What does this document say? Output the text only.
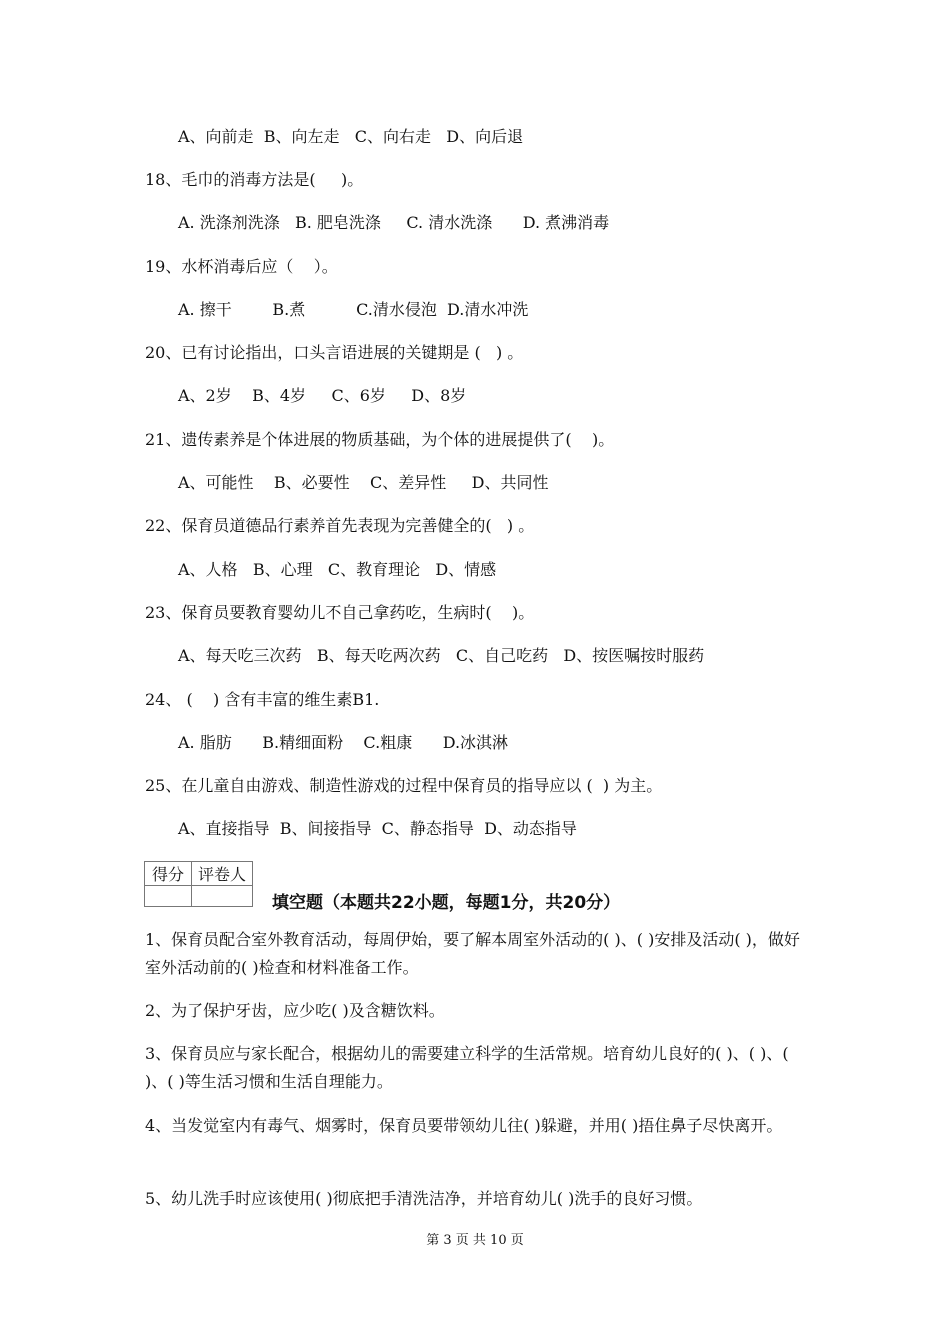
A、向前走  B、向左走   C、向右走   D、向后退
18、毛巾的消毒方法是(     )。
A. 洗涤剂洗涤   B. 肥皂洗涤     C. 清水洗涤      D. 煮沸消毒
19、水杯消毒后应（    ）。
A. 擦干        B.煮          C.清水侵泡  D.清水冲洗
20、已有讨论指出，口头言语进展的关键期是 (   ) 。
A、2岁    B、4岁     C、6岁     D、8岁
21、遗传素养是个体进展的物质基础，为个体的进展提供了(    )。
A、可能性    B、必要性    C、差异性     D、共同性
22、保育员道德品行素养首先表现为完善健全的(   ) 。
A、人格   B、心理   C、教育理论   D、情感
23、保育员要教育婴幼儿不自己拿药吃，生病时(    )。
A、每天吃三次药   B、每天吃两次药   C、自己吃药   D、按医嘱按时服药
24、 (    ) 含有丰富的维生素B1.
A. 脂肪      B.精细面粉    C.粗康      D.冰淇淋
25、在儿童自由游戏、制造性游戏的过程中保育员的指导应以 (  ) 为主。
A、直接指导  B、间接指导  C、静态指导  D、动态指导
得分	评卷人

填空题（本题共22小题，每题1分，共20分）
1、保育员配合室外教育活动，每周伊始，要了解本周室外活动的( )、( )安排及活动( )，做好室外活动前的( )检查和材料准备工作。
2、为了保护牙齿，应少吃( )及含糖饮料。
3、保育员应与家长配合，根据幼儿的需要建立科学的生活常规。培育幼儿良好的( )、( )、( )、( )等生活习惯和生活自理能力。
4、当发觉室内有毒气、烟雾时，保育员要带领幼儿往( )躲避，并用( )捂住鼻子尽快离开。
5、幼儿洗手时应该使用( )彻底把手清洗洁净，并培育幼儿( )洗手的良好习惯。
第 3 页 共 10 页
